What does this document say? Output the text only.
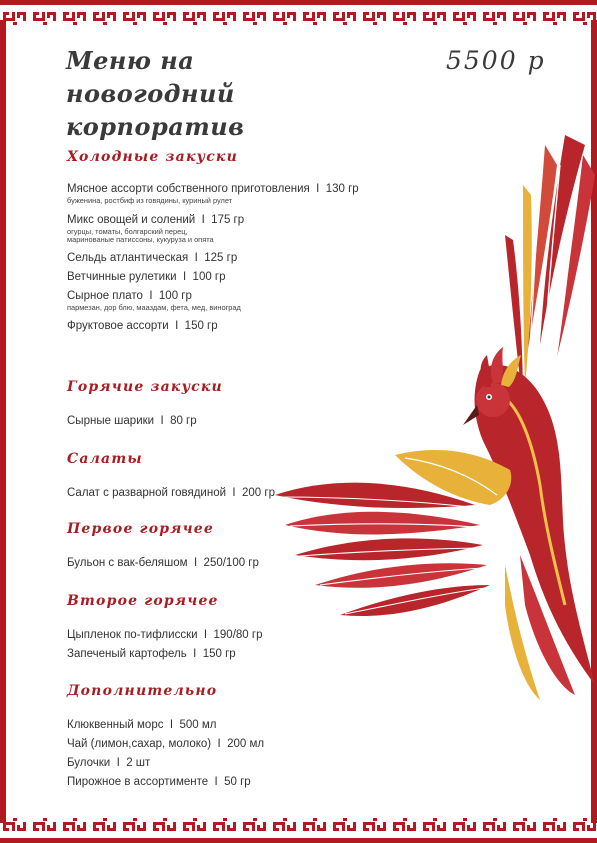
Меню на новогодний корпоратив
5500 р
Холодные закуски
Мясное ассорти собственного приготовления I 130 гр
буженина, ростбиф из говядины, куриный рулет
Микс овощей и солений I 175 гр
огурцы, томаты, болгарский перец,
маринованые патиссоны, кукуруза и опята
Сельдь атлантическая I 125 гр
Ветчинные рулетики I 100 гр
Сырное плато I 100 гр
пармезан, дор блю, мааздам, фета, мед, виноград
Фруктовое ассорти I 150 гр
Горячие закуски
Сырные шарики I 80 гр
Салаты
Салат с разварной говядиной I 200 гр
Первое горячее
Бульон с вак-беляшом I 250/100 гр
Второе горячее
Цыпленок по-тифлисски I 190/80 гр
Запеченый картофель I 150 гр
Дополнительно
Клюквенный морс I 500 мл
Чай (лимон,сахар, молоко) I 200 мл
Булочки I 2 шт
Пирожное в ассортименте I 50 гр
